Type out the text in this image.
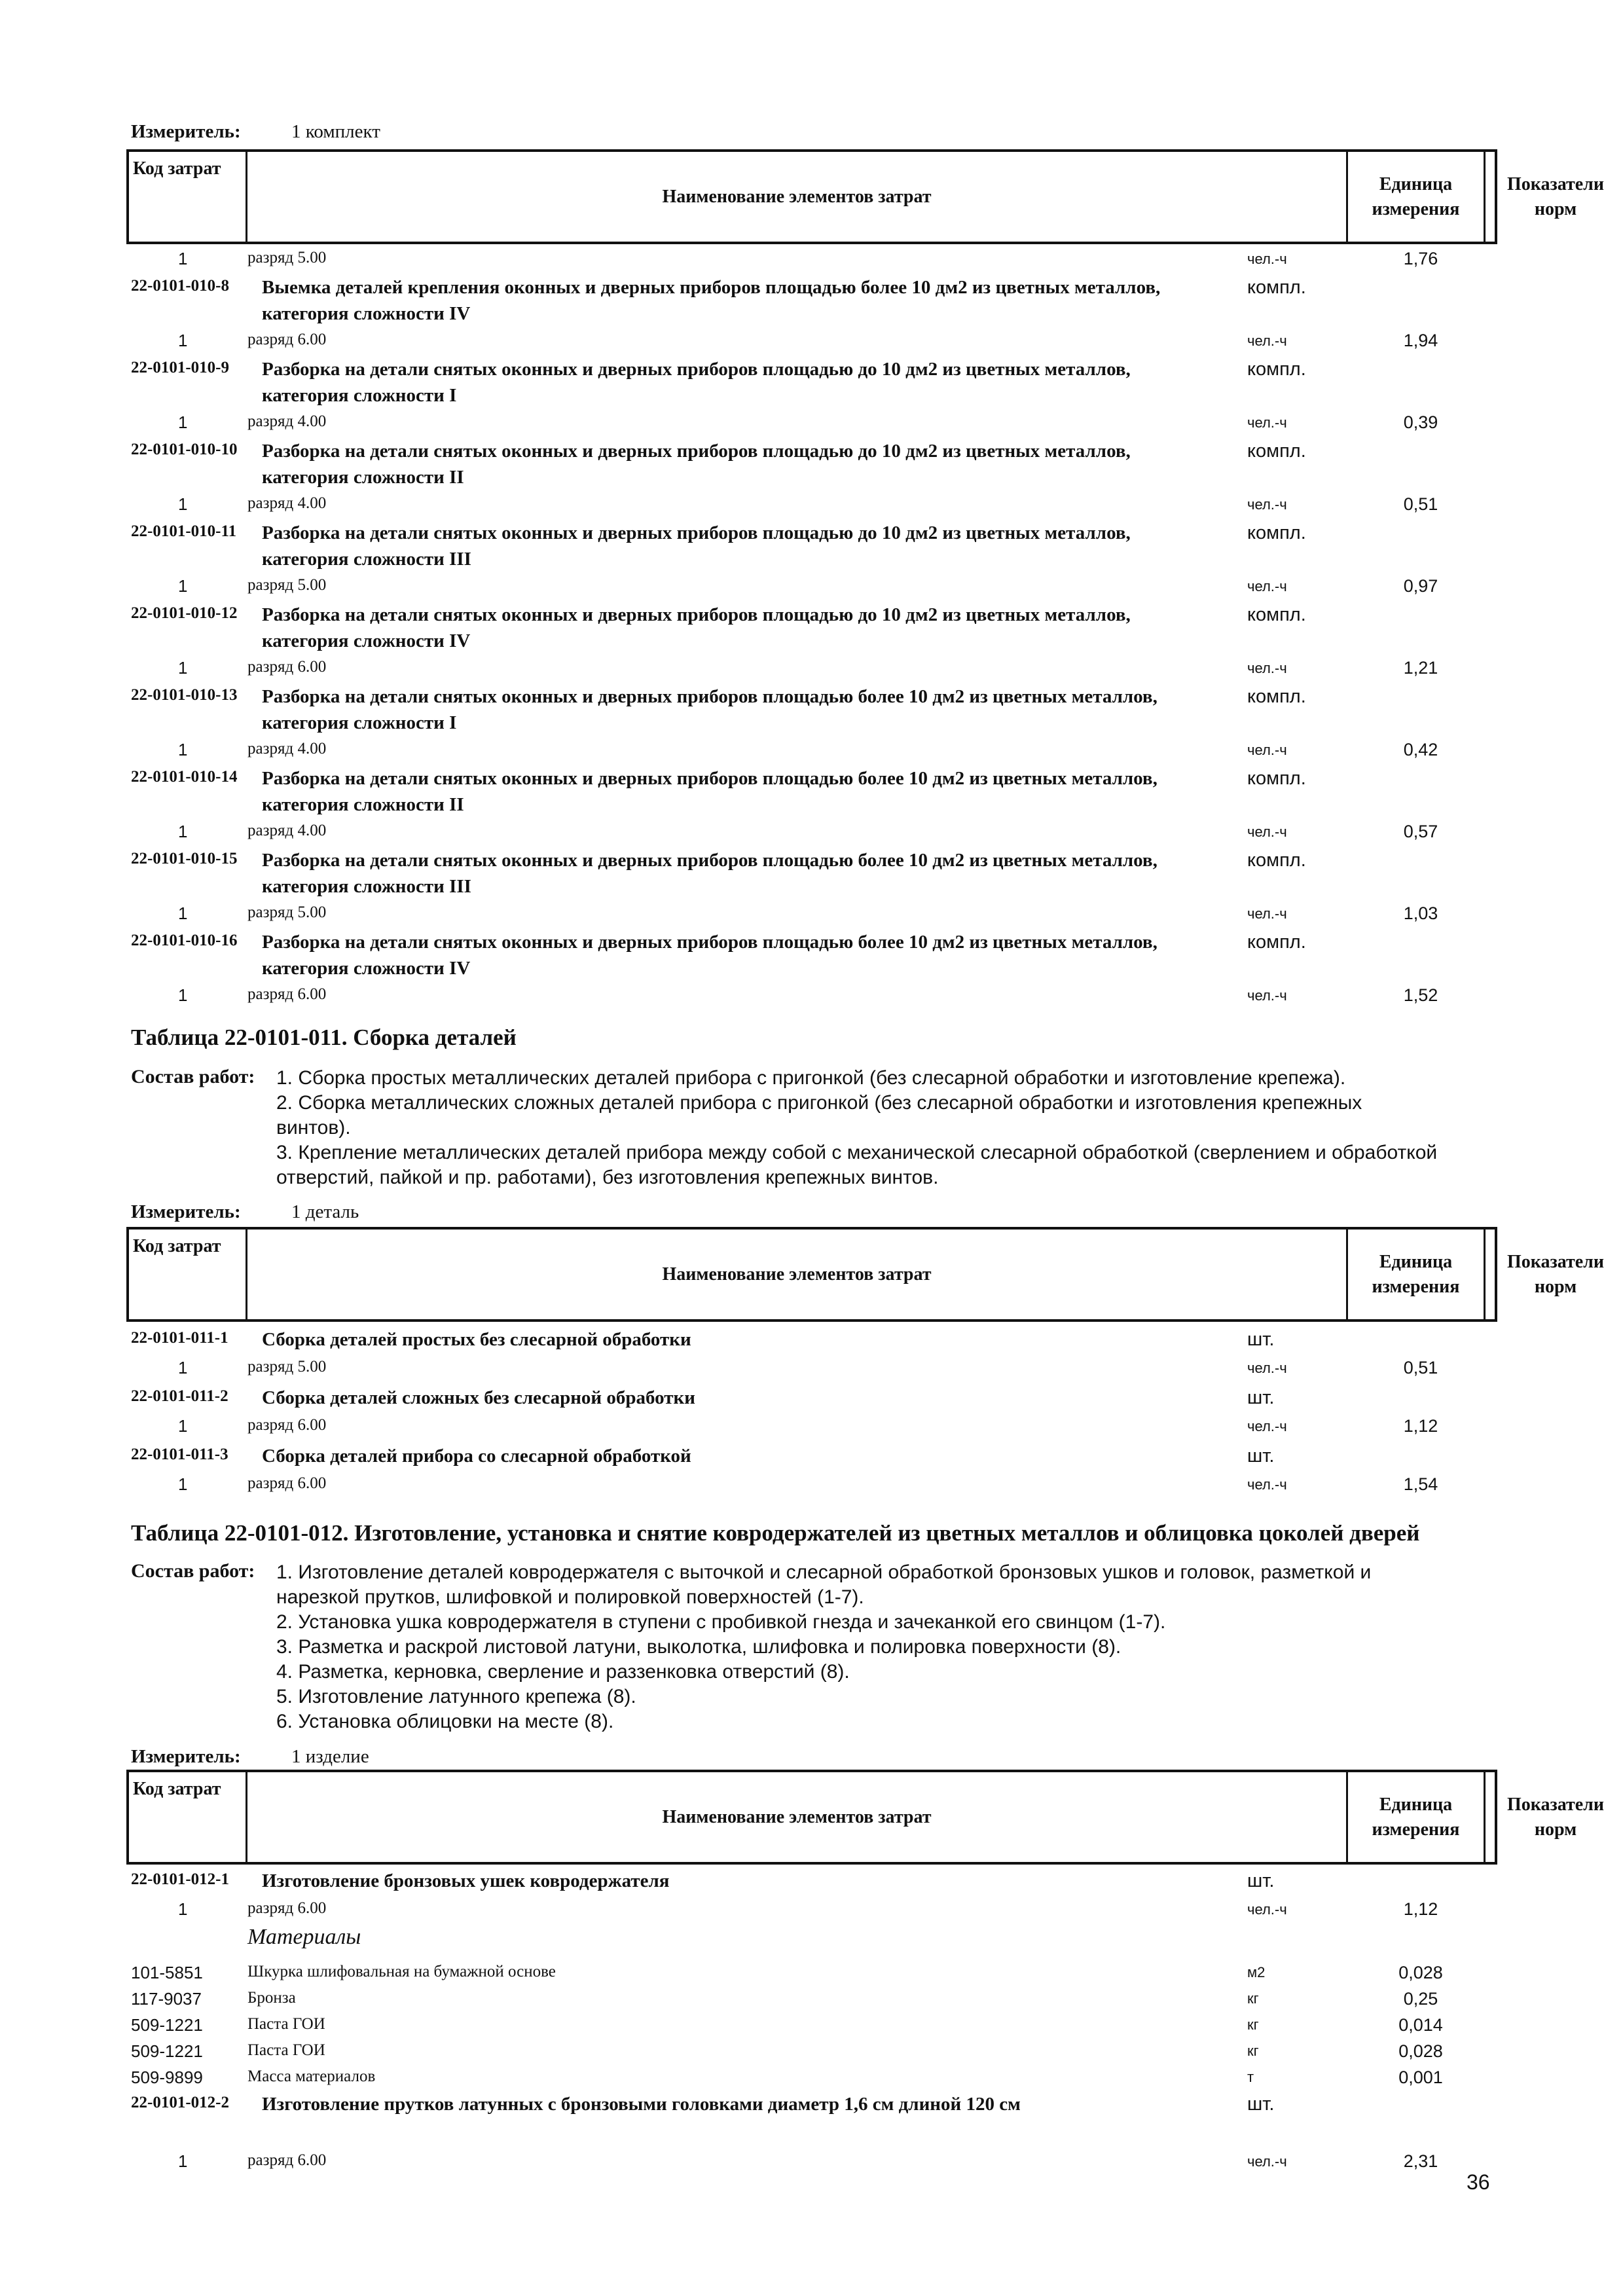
Измеритель:	1 комплект
Код затрат
Наименование элементов затрат
Единица измерения
Показатели норм
1	разряд 5.00	чел.-ч	1,76
22-0101-010-8 Выемка деталей крепления оконных и дверных приборов площадью более 10 дм2 из цветных металлов, категория сложности IV
компл.
1	разряд 6.00	чел.-ч	1,94
22-0101-010-9 Разборка на детали снятых оконных и дверных приборов площадью до 10 дм2 из цветных металлов, категория сложности I
компл.
1	разряд 4.00	чел.-ч	0,39
22-0101-010-10 Разборка на детали снятых оконных и дверных приборов площадью до 10 дм2 из цветных металлов, категория сложности II
компл.
1	разряд 4.00	чел.-ч	0,51
22-0101-010-11 Разборка на детали снятых оконных и дверных приборов площадью до 10 дм2 из цветных металлов, категория сложности III
компл.
1	разряд 5.00	чел.-ч	0,97
22-0101-010-12 Разборка на детали снятых оконных и дверных приборов площадью до 10 дм2 из цветных металлов, категория сложности IV
компл.
1	разряд 6.00	чел.-ч	1,21
22-0101-010-13 Разборка на детали снятых оконных и дверных приборов площадью более 10 дм2 из цветных металлов, категория сложности I
компл.
1	разряд 4.00	чел.-ч	0,42
22-0101-010-14 Разборка на детали снятых оконных и дверных приборов площадью более 10 дм2 из цветных металлов, категория сложности II
компл.
1	разряд 4.00	чел.-ч	0,57
22-0101-010-15 Разборка на детали снятых оконных и дверных приборов площадью более 10 дм2 из цветных металлов, категория сложности III
компл.
1	разряд 5.00	чел.-ч	1,03
22-0101-010-16 Разборка на детали снятых оконных и дверных приборов площадью более 10 дм2 из цветных металлов, категория сложности IV
компл.
1	разряд 6.00	чел.-ч	1,52
Таблица 22-0101-011. Сборка деталей
Состав работ: 1. Сборка простых металлических деталей прибора с пригонкой (без слесарной обработки и изготовление крепежа).
2. Сборка металлических сложных деталей прибора с пригонкой (без слесарной обработки и изготовления крепежных
винтов).
3. Крепление металлических деталей прибора между собой с механической слесарной обработкой (сверлением и обработкой
отверстий, пайкой и пр. работами), без изготовления крепежных винтов.
Измеритель:	1 деталь
Код затрат
Наименование элементов затрат
Единица измерения
Показатели норм
22-0101-011-1 Сборка деталей простых без слесарной обработки	шт.
1	разряд 5.00	чел.-ч	0,51
22-0101-011-2 Сборка деталей сложных без слесарной обработки	шт.
1	разряд 6.00	чел.-ч	1,12
22-0101-011-3 Сборка деталей прибора со слесарной обработкой	шт.
1	разряд 6.00	чел.-ч	1,54
Таблица 22-0101-012. Изготовление, установка и снятие ковродержателей из цветных металлов и облицовка цоколей дверей
Состав работ: 1. Изготовление деталей ковродержателя с выточкой и слесарной обработкой бронзовых ушков и головок, разметкой и
нарезкой прутков, шлифовкой и полировкой поверхностей (1-7).
2. Установка ушка ковродержателя в ступени с пробивкой гнезда и зачеканкой его свинцом (1-7).
3. Разметка и раскрой листовой латуни, выколотка, шлифовка и полировка поверхности (8).
4. Разметка, керновка, сверление и раззенковка отверстий (8).
5. Изготовление латунного крепежа (8).
6. Установка облицовки на месте (8).
Измеритель:	1 изделие
Код затрат
Наименование элементов затрат
Единица измерения
Показатели норм
22-0101-012-1 Изготовление бронзовых ушек ковродержателя	шт.
1	разряд 6.00	чел.-ч	1,12
Материалы
101-5851	Шкурка шлифовальная на бумажной основе	м2	0,028
117-9037	Бронза	кг	0,25
509-1221	Паста ГОИ	кг	0,014
509-1221	Паста ГОИ	кг	0,028
509-9899	Масса материалов	т	0,001
22-0101-012-2 Изготовление прутков латунных с бронзовыми головками диаметр 1,6 см длиной 120 см	шт.
1	разряд 6.00	чел.-ч	2,31
36
